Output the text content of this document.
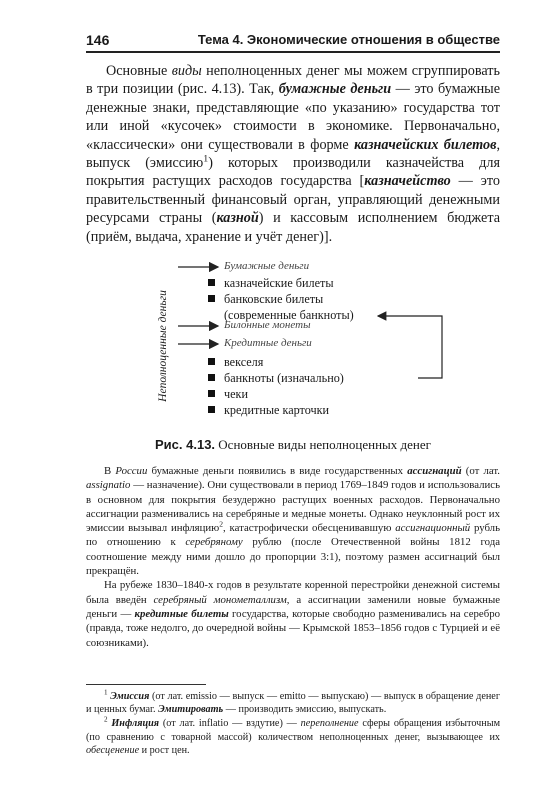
146	Тема 4. Экономические отношения в обществе

Основные виды неполноценных денег мы можем сгруппировать в три позиции (рис. 4.13). Так, бумажные деньги — это бумажные денежные знаки, представляющие «по указанию» государства тот или иной «кусочек» стоимости в экономике. Первоначально, «классически» они существовали в форме казначейских билетов, выпуск (эмиссию$^1$) которых производили казначейства для покрытия растущих расходов государства [казначейство — это правительственный финансовый орган, управляющий денежными ресурсами страны (казной) и кассовым исполнением бюджета (приём, выдача, хранение и учёт денег)].

Неполноценные деньги
Бумажные деньги
казначейские билеты
банковские билеты
(современные банкноты)
Билонные монеты
Кредитные деньги
векселя
банкноты (изначально)
чеки
кредитные карточки
Рис. 4.13. Основные виды неполноценных денег

В России бумажные деньги появились в виде государственных ассигнаций (от лат. assignatio — назначение). Они существовали в период 1769–1849 годов и использовались в основном для покрытия безудержно растущих военных расходов. Первоначально ассигнации разменивались на серебряные и медные монеты. Однако неуклонный рост их эмиссии вызывал инфляцию$^2$, катастрофически обесценивавшую ассигнационный рубль по отношению к серебряному рублю (после Отечественной войны 1812 года соотношение между ними дошло до пропорции 3:1), поэтому размен ассигнаций был прекращён.

На рубеже 1830–1840-х годов в результате коренной перестройки денежной системы была введён серебряный монометаллизм, а ассигнации заменили новые бумажные деньги — кредитные билеты государства, которые свободно разменивались на серебро (правда, тоже недолго, до очередной войны — Крымской 1853–1856 годов с Турцией и её союзниками).

$^1$ Эмиссия (от лат. emissio — выпуск — emitto — выпускаю) — выпуск в обращение денег и ценных бумаг. Эмитировать — производить эмиссию, выпускать.

$^2$ Инфляция (от лат. inflatio — вздутие) — переполнение сферы обращения избыточным (по сравнению с товарной массой) количеством неполноценных денег, вызывающее их обесценение и рост цен.
